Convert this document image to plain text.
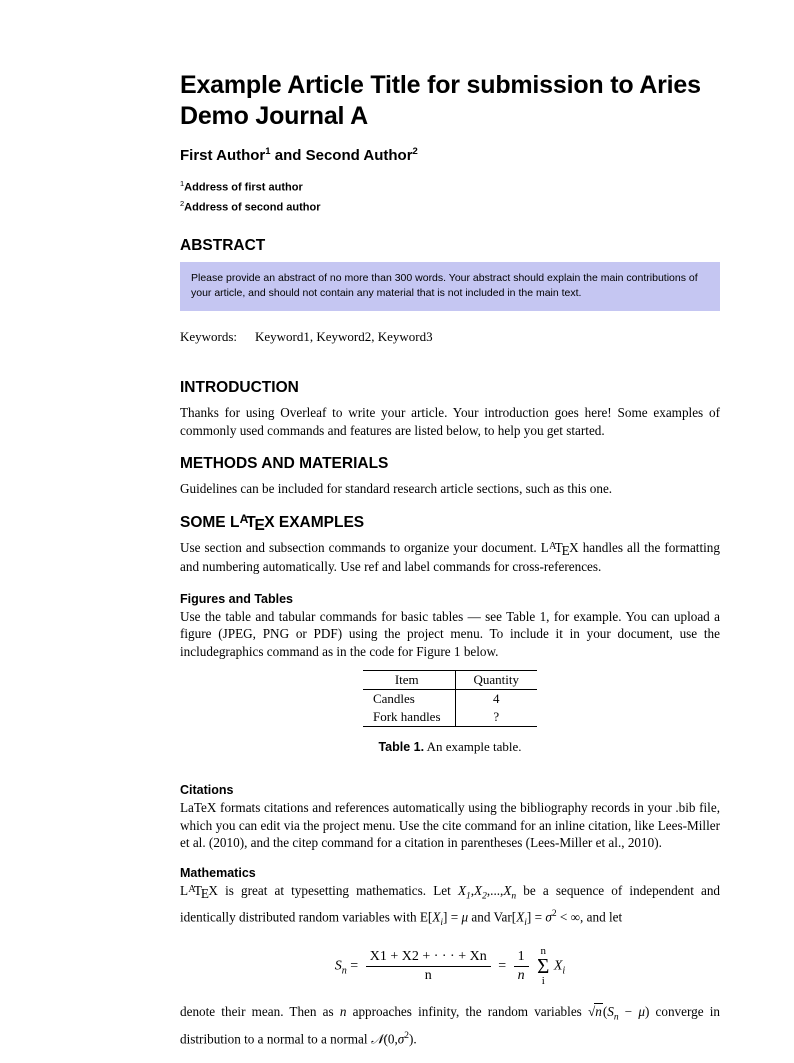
Example Article Title for submission to Aries Demo Journal A
First Author$^1$ and Second Author$^2$
$^1$Address of first author
$^2$Address of second author
ABSTRACT
Please provide an abstract of no more than 300 words. Your abstract should explain the main contributions of your article, and should not contain any material that is not included in the main text.
Keywords: Keyword1, Keyword2, Keyword3
INTRODUCTION

Thanks for using Overleaf to write your article. Your introduction goes here! Some examples of commonly used commands and features are listed below, to help you get started.

METHODS AND MATERIALS

Guidelines can be included for standard research article sections, such as this one.

SOME $L^ATEX$ EXAMPLES

Use section and subsection commands to organize your document. $L^ATEX$ handles all the formatting and numbering automatically. Use ref and label commands for cross-references.

Figures and Tables

Use the table and tabular commands for basic tables — see Table 1, for example. You can upload a figure (JPEG, PNG or PDF) using the project menu. To include it in your document, use the includegraphics command as in the code for Figure 1 below.

Item	Quantity
Candles	4
Fork handles	?
Table 1. An example table.
Citations

LaTeX formats citations and references automatically using the bibliography records in your .bib file, which you can edit via the project menu. Use the cite command for an inline citation, like Lees-Miller et al. (2010), and the citep command for a citation in parentheses (Lees-Miller et al., 2010).

Mathematics

$L^ATEX$ is great at typesetting mathematics. Let $X_1,X_2,...,X_n$ be a sequence of independent and identically distributed random variables with $E[X_i] = \mu$ and $Var[X_i] = \sigma^2$ < ∞, and let

$S_n = \frac{X1 + X2 + \cdot \cdot \cdot + Xn}{n} = \frac{1}{n}$ n
Σ
i $X_i$

denote their mean. Then as n approaches infinity, the random variables $√n(S_n - \mu)$ converge in distribution to a normal to a normal $𝒩(0,\sigma^2)$.
